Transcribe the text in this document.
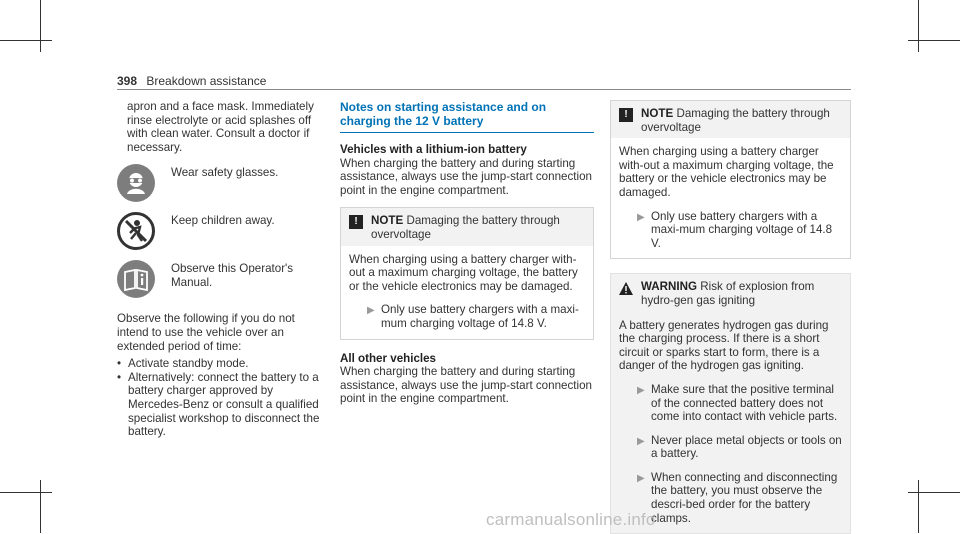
398 Breakdown assistance
apron and a face mask. Immediately rinse electrolyte or acid splashes off with clean water. Consult a doctor if necessary.
Wear safety glasses.
Keep children away.
Observe this Operator's Manual.
Observe the following if you do not intend to use the vehicle over an extended period of time:
• Activate standby mode.
• Alternatively: connect the battery to a battery charger approved by Mercedes-Benz or consult a qualified specialist workshop to disconnect the battery.
Notes on starting assistance and on charging the 12 V battery
Vehicles with a lithium-ion battery
When charging the battery and during starting assistance, always use the jump-start connection point in the engine compartment.
!	NOTE Damaging the battery through overvoltage
When charging using a battery charger with-out a maximum charging voltage, the battery or the vehicle electronics may be damaged.
▶ Only use battery chargers with a maxi-mum charging voltage of 14.8 V.
All other vehicles
When charging the battery and during starting assistance, always use the jump-start connection point in the engine compartment.
!	NOTE Damaging the battery through overvoltage
When charging using a battery charger with-out a maximum charging voltage, the battery or the vehicle electronics may be damaged.
▶ Only use battery chargers with a maxi-mum charging voltage of 14.8 V.
WARNING Risk of explosion from hydro-gen gas igniting
A battery generates hydrogen gas during the charging process. If there is a short circuit or sparks start to form, there is a danger of the hydrogen gas igniting.
▶ Make sure that the positive terminal of the connected battery does not come into contact with vehicle parts.
▶ Never place metal objects or tools on a battery.
▶ When connecting and disconnecting the battery, you must observe the descri-bed order for the battery clamps.
carmanualsonline.info
